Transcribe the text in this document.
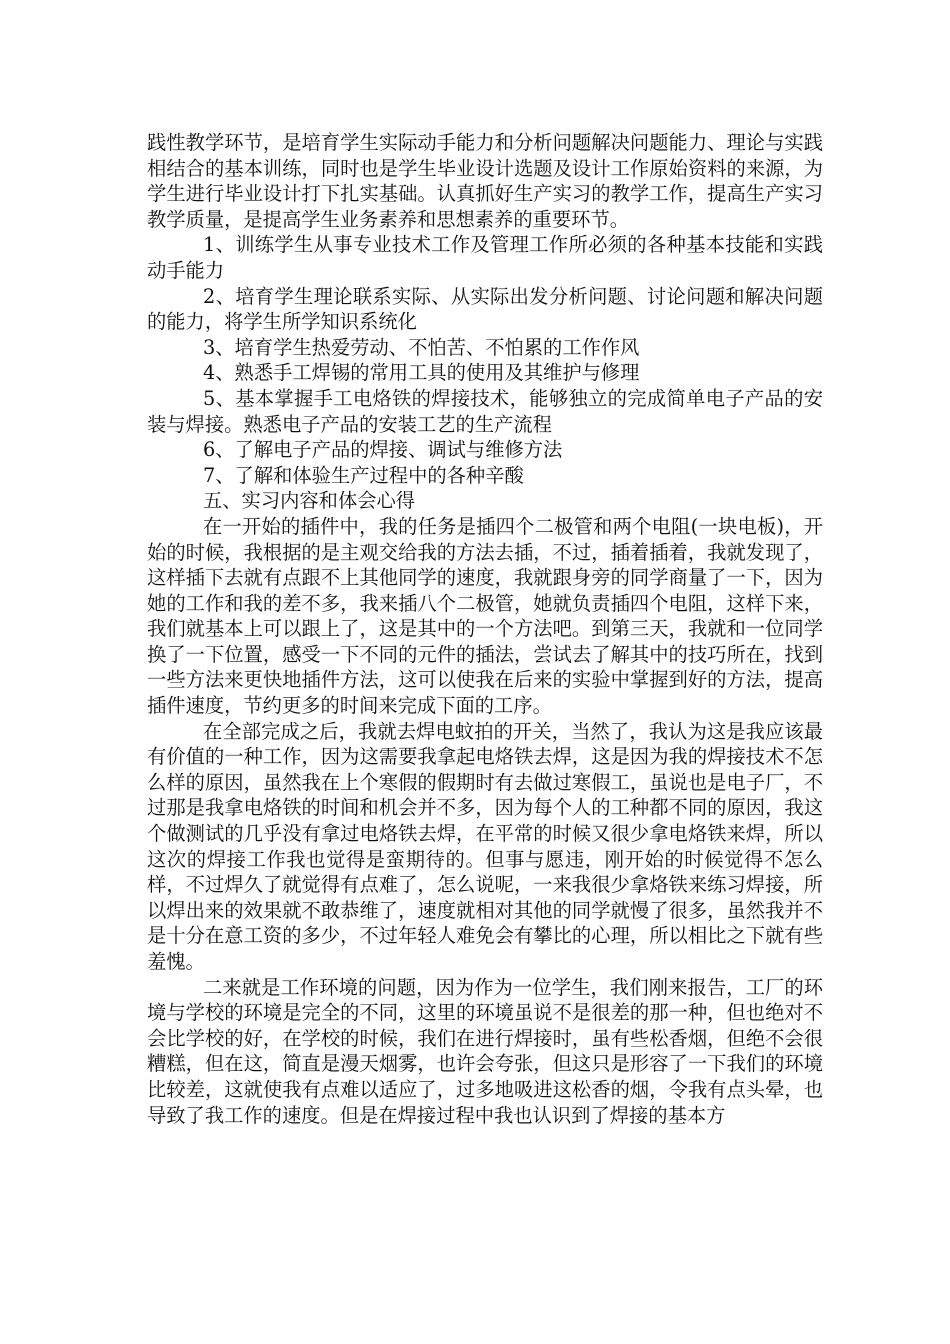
践性教学环节，是培育学生实际动手能力和分析问题解决问题能力、理论与实践相结合的基本训练，同时也是学生毕业设计选题及设计工作原始资料的来源，为学生进行毕业设计打下扎实基础。认真抓好生产实习的教学工作，提高生产实习教学质量，是提高学生业务素养和思想素养的重要环节。

1、训练学生从事专业技术工作及管理工作所必须的各种基本技能和实践动手能力

2、培育学生理论联系实际、从实际出发分析问题、讨论问题和解决问题的能力，将学生所学知识系统化

3、培育学生热爱劳动、不怕苦、不怕累的工作作风

4、熟悉手工焊锡的常用工具的使用及其维护与修理

5、基本掌握手工电烙铁的焊接技术，能够独立的完成简单电子产品的安装与焊接。熟悉电子产品的安装工艺的生产流程

6、了解电子产品的焊接、调试与维修方法

7、了解和体验生产过程中的各种辛酸

五、实习内容和体会心得

在一开始的插件中，我的任务是插四个二极管和两个电阻(一块电板)，开始的时候，我根据的是主观交给我的方法去插，不过，插着插着，我就发现了，这样插下去就有点跟不上其他同学的速度，我就跟身旁的同学商量了一下，因为她的工作和我的差不多，我来插八个二极管，她就负责插四个电阻，这样下来，我们就基本上可以跟上了，这是其中的一个方法吧。到第三天，我就和一位同学换了一下位置，感受一下不同的元件的插法，尝试去了解其中的技巧所在，找到一些方法来更快地插件方法，这可以使我在后来的实验中掌握到好的方法，提高插件速度，节约更多的时间来完成下面的工序。

在全部完成之后，我就去焊电蚊拍的开关，当然了，我认为这是我应该最有价值的一种工作，因为这需要我拿起电烙铁去焊，这是因为我的焊接技术不怎么样的原因，虽然我在上个寒假的假期时有去做过寒假工，虽说也是电子厂，不过那是我拿电烙铁的时间和机会并不多，因为每个人的工种都不同的原因，我这个做测试的几乎没有拿过电烙铁去焊，在平常的时候又很少拿电烙铁来焊，所以这次的焊接工作我也觉得是蛮期待的。但事与愿违，刚开始的时候觉得不怎么样，不过焊久了就觉得有点难了，怎么说呢，一来我很少拿烙铁来练习焊接，所以焊出来的效果就不敢恭维了，速度就相对其他的同学就慢了很多，虽然我并不是十分在意工资的多少，不过年轻人难免会有攀比的心理，所以相比之下就有些羞愧。

二来就是工作环境的问题，因为作为一位学生，我们刚来报告，工厂的环境与学校的环境是完全的不同，这里的环境虽说不是很差的那一种，但也绝对不会比学校的好，在学校的时候，我们在进行焊接时，虽有些松香烟，但绝不会很糟糕，但在这，简直是漫天烟雾，也许会夸张，但这只是形容了一下我们的环境比较差，这就使我有点难以适应了，过多地吸进这松香的烟，令我有点头晕，也导致了我工作的速度。但是在焊接过程中我也认识到了焊接的基本方
